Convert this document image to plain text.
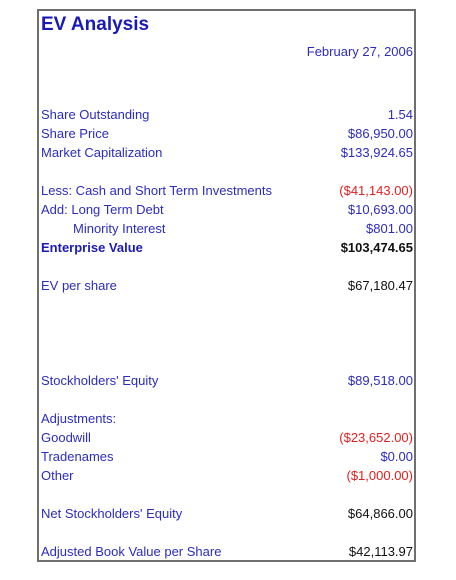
EV Analysis
February 27, 2006
Share Outstanding	1.54
Share Price	$86,950.00
Market Capitalization	$133,924.65
Less: Cash and Short Term Investments	($41,143.00)
Add: Long Term Debt	$10,693.00
Minority Interest	$801.00
Enterprise Value	$103,474.65
EV per share	$67,180.47
Stockholders' Equity	$89,518.00
Adjustments:
Goodwill	($23,652.00)
Tradenames	$0.00
Other	($1,000.00)
Net Stockholders' Equity	$64,866.00
Adjusted Book Value per Share	$42,113.97
